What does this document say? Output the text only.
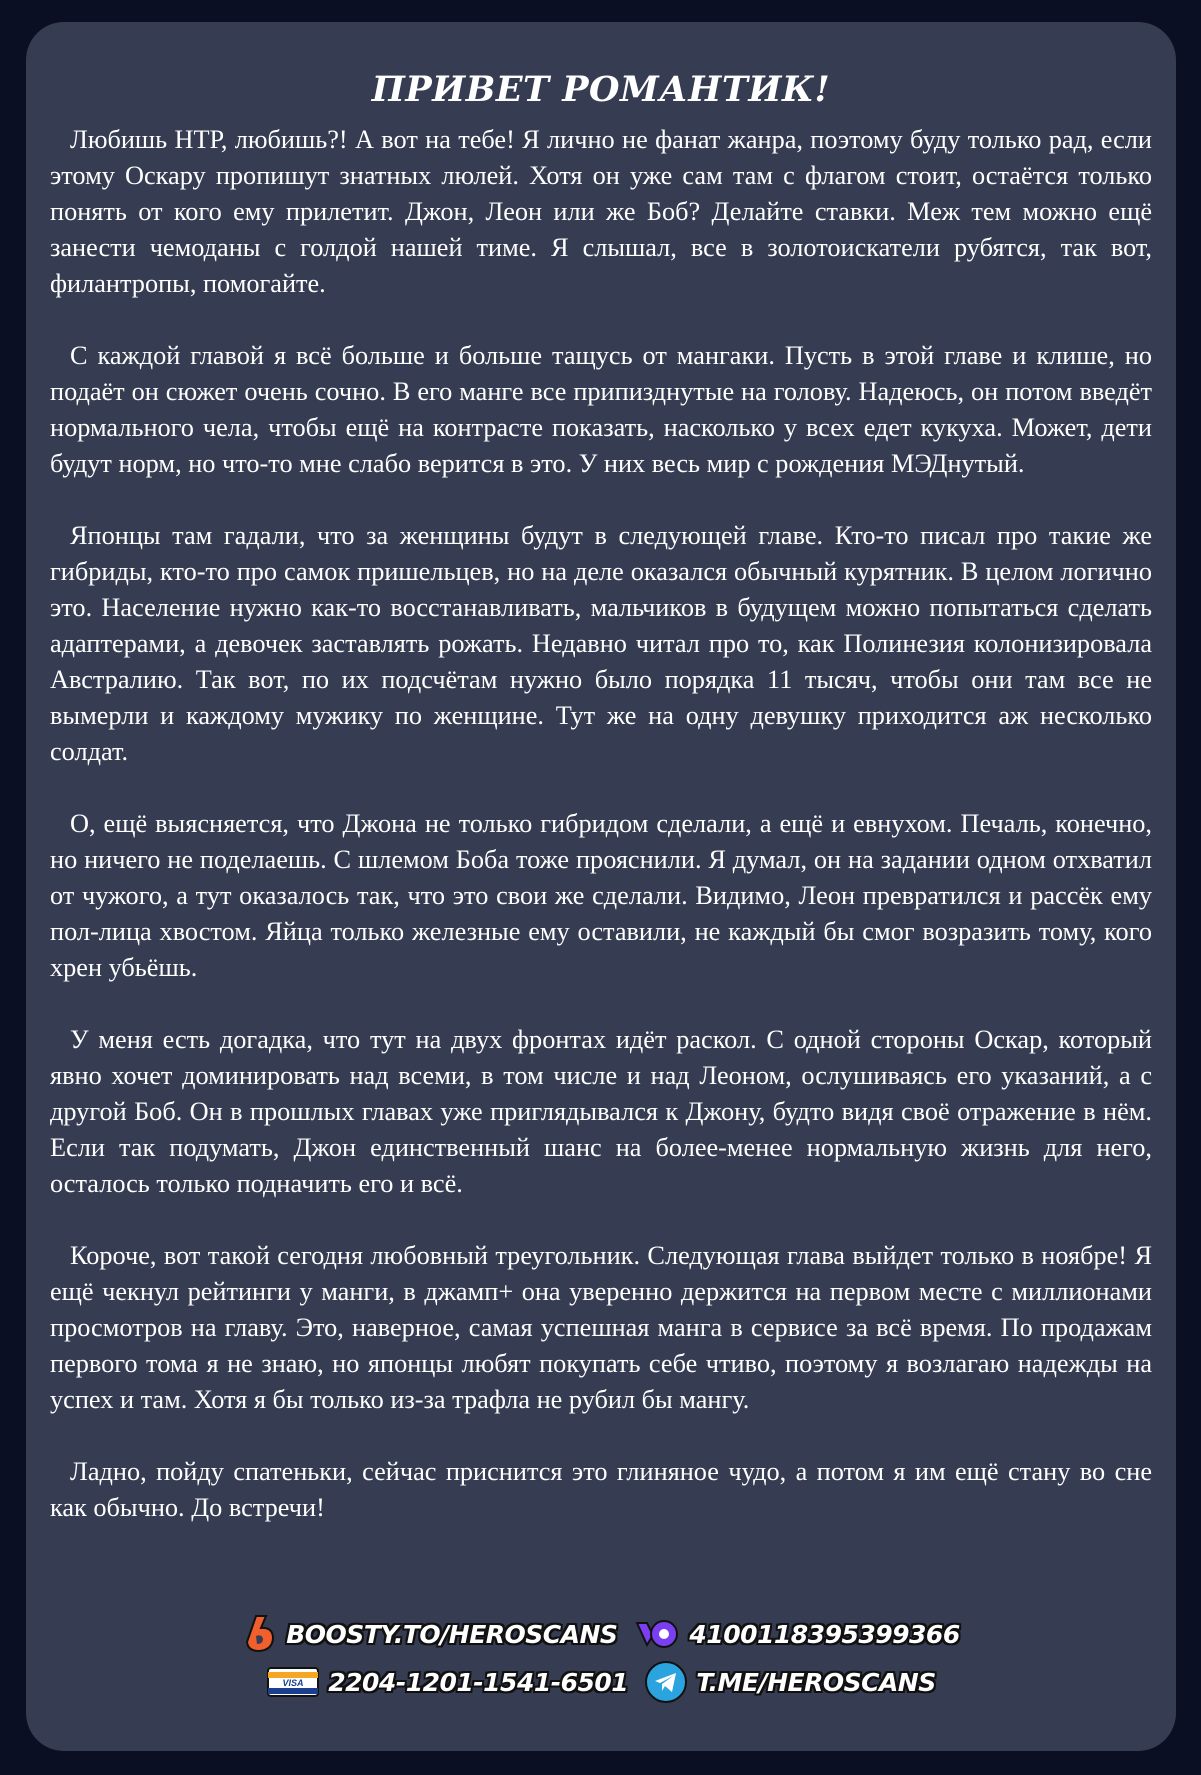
ПРИВЕТ РОМАНТИК!

Любишь НТР, любишь?! А вот на тебе! Я лично не фанат жанра, поэтому буду только рад, если этому Оскару пропишут знатных люлей. Хотя он уже сам там с флагом стоит, остаётся только понять от кого ему прилетит. Джон, Леон или же Боб? Делайте ставки. Меж тем можно ещё занести чемоданы с голдой нашей тиме. Я слышал, все в золотоискатели рубятся, так вот, филантропы, помогайте.

С каждой главой я всё больше и больше тащусь от мангаки. Пусть в этой главе и клише, но подаёт он сюжет очень сочно. В его манге все припизднутые на голову. Надеюсь, он потом введёт нормального чела, чтобы ещё на контрасте показать, насколько у всех едет кукуха. Может, дети будут норм, но что-то мне слабо верится в это. У них весь мир с рождения МЭДнутый.

Японцы там гадали, что за женщины будут в следующей главе. Кто-то писал про такие же гибриды, кто-то про самок пришельцев, но на деле оказался обычный курятник. В целом логично это. Население нужно как-то восстанавливать, мальчиков в будущем можно попытаться сделать адаптерами, а девочек заставлять рожать. Недавно читал про то, как Полинезия колонизировала Австралию. Так вот, по их подсчётам нужно было порядка 11 тысяч, чтобы они там все не вымерли и каждому мужику по женщине. Тут же на одну девушку приходится аж несколько солдат.

О, ещё выясняется, что Джона не только гибридом сделали, а ещё и евнухом. Печаль, конечно, но ничего не поделаешь. С шлемом Боба тоже прояснили. Я думал, он на задании одном отхватил от чужого, а тут оказалось так, что это свои же сделали. Видимо, Леон превратился и рассёк ему пол-лица хвостом. Яйца только железные ему оставили, не каждый бы смог возразить тому, кого хрен убьёшь.

У меня есть догадка, что тут на двух фронтах идёт раскол. С одной стороны Оскар, который явно хочет доминировать над всеми, в том числе и над Леоном, ослушиваясь его указаний, а с другой Боб. Он в прошлых главах уже приглядывался к Джону, будто видя своё отражение в нём. Если так подумать, Джон единственный шанс на более-менее нормальную жизнь для него, осталось только подначить его и всё.

Короче, вот такой сегодня любовный треугольник. Следующая глава выйдет только в ноябре! Я ещё чекнул рейтинги у манги, в джамп+ она уверенно держится на первом месте с миллионами просмотров на главу. Это, наверное, самая успешная манга в сервисе за всё время. По продажам первого тома я не знаю, но японцы любят покупать себе чтиво, поэтому я возлагаю надежды на успех и там. Хотя я бы только из-за трафла не рубил бы мангу.

Ладно, пойду спатеньки, сейчас приснится это глиняное чудо, а потом я им ещё стану во сне как обычно. До встречи!

BOOSTY.TO/HEROSCANS	4100118395399366
VISA 2204-1201-1541-6501	T.ME/HEROSCANS
